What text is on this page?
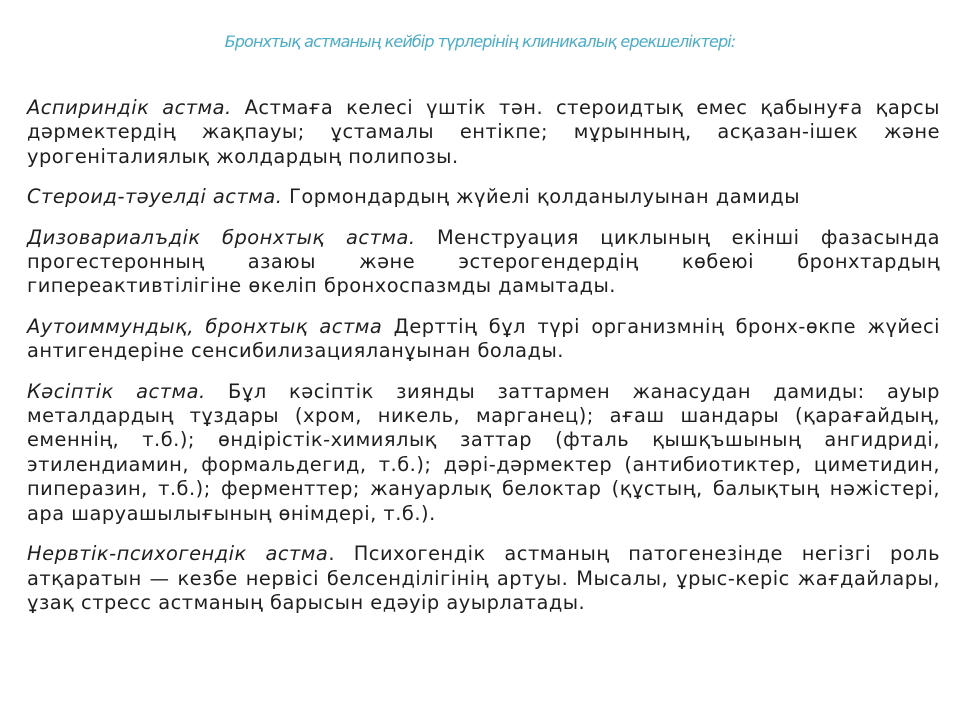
Бронхтық астманың кейбір түрлерінің клиникалық ерекшеліктері:

Аспириндік астма. Астмаға келесі үштік тән. стероидтық емес қабынуға қарсы дәрмектердің жақпауы; ұстамалы ентікпе; мұрынның, асқазан-ішек және урогеніталиялық жолдардың полипозы.

Стероид-тәуелді астма. Гормондардың жүйелі қолданылуынан дамиды

Дизовариалъдік бронхтық астма. Менструация циклының екінші фазасында прогестеронның азаюы және эстерогендердің көбеюі бронхтардың гипереактивтілігіне өкеліп бронхоспазмды дамытады.

Аутоиммундық, бронхтық астма Дерттің бұл түрі организмнің бронх-өкпе жүйесі антигендеріне сенсибилизацияланұынан болады.

Кәсіптік астма. Бұл кәсіптік зиянды заттармен жанасудан дамиды: ауыр металдардың тұздары (хром, никель, марганец); ағаш шандары (қарағайдың, еменнің, т.б.); өндірістік-химиялық заттар (фталь қышқъшының ангидриді, этилендиамин, формальдегид, т.б.); дәрі-дәрмектер (антибиотиктер, циметидин, пиперазин, т.б.); ферменттер; жануарлық белоктар (құстың, балықтың нәжістері, ара шаруашылығының өнімдері, т.б.).

Нервтік-психогендік астма. Психогендік астманың патогенезінде негізгі роль атқаратын — кезбе нервісі белсенділігінің артуы. Мысалы, ұрыс-керіс жағдайлары, ұзақ стресс астманың барысын едәуір ауырлатады.
